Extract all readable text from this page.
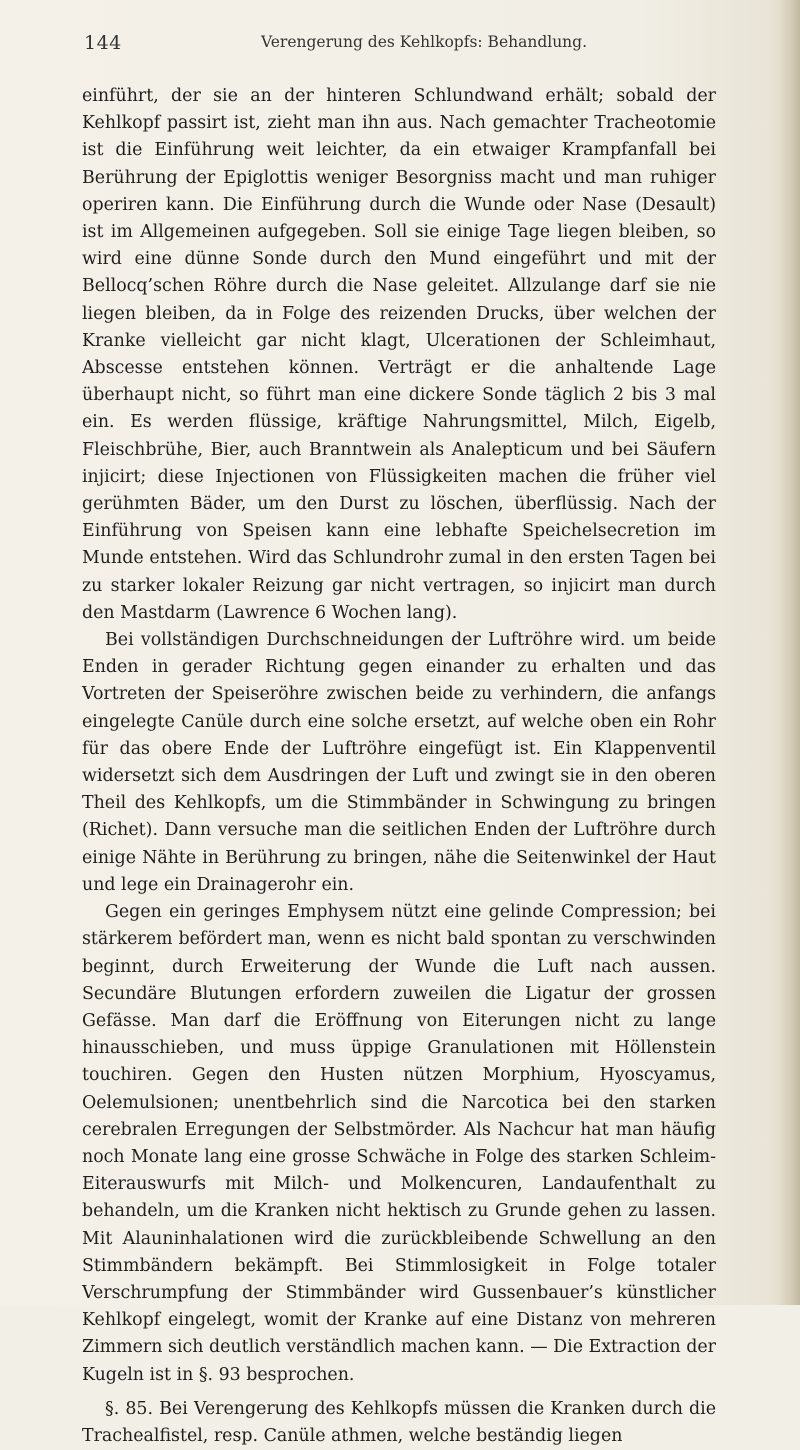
144	Verengerung des Kehlkopfs: Behandlung.

einführt, der sie an der hinteren Schlundwand erhält; sobald der Kehlkopf passirt ist, zieht man ihn aus. Nach gemachter Tracheotomie ist die Einführung weit leichter, da ein etwaiger Krampfanfall bei Berührung der Epiglottis weniger Besorgniss macht und man ruhiger operiren kann. Die Einführung durch die Wunde oder Nase (Desault) ist im Allgemeinen aufgegeben. Soll sie einige Tage liegen bleiben, so wird eine dünne Sonde durch den Mund eingeführt und mit der Bellocq’schen Röhre durch die Nase geleitet. Allzulange darf sie nie liegen bleiben, da in Folge des reizenden Drucks, über welchen der Kranke vielleicht gar nicht klagt, Ulcerationen der Schleimhaut, Abscesse entstehen können. Verträgt er die anhaltende Lage überhaupt nicht, so führt man eine dickere Sonde täglich 2 bis 3 mal ein. Es werden flüssige, kräftige Nahrungsmittel, Milch, Eigelb, Fleischbrühe, Bier, auch Branntwein als Analepticum und bei Säufern injicirt; diese Injectionen von Flüssigkeiten machen die früher viel gerühmten Bäder, um den Durst zu löschen, überflüssig. Nach der Einführung von Speisen kann eine lebhafte Speichelsecretion im Munde entstehen. Wird das Schlundrohr zumal in den ersten Tagen bei zu starker lokaler Reizung gar nicht vertragen, so injicirt man durch den Mastdarm (Lawrence 6 Wochen lang).

Bei vollständigen Durchschneidungen der Luftröhre wird. um beide Enden in gerader Richtung gegen einander zu erhalten und das Vortreten der Speiseröhre zwischen beide zu verhindern, die anfangs eingelegte Canüle durch eine solche ersetzt, auf welche oben ein Rohr für das obere Ende der Luftröhre eingefügt ist. Ein Klappenventil widersetzt sich dem Ausdringen der Luft und zwingt sie in den oberen Theil des Kehlkopfs, um die Stimmbänder in Schwingung zu bringen (Richet). Dann versuche man die seitlichen Enden der Luftröhre durch einige Nähte in Berührung zu bringen, nähe die Seitenwinkel der Haut und lege ein Drainagerohr ein.

Gegen ein geringes Emphysem nützt eine gelinde Compression; bei stärkerem befördert man, wenn es nicht bald spontan zu verschwinden beginnt, durch Erweiterung der Wunde die Luft nach aussen. Secundäre Blutungen erfordern zuweilen die Ligatur der grossen Gefässe. Man darf die Eröffnung von Eiterungen nicht zu lange hinausschieben, und muss üppige Granulationen mit Höllenstein touchiren. Gegen den Husten nützen Morphium, Hyoscyamus, Oelemulsionen; unentbehrlich sind die Narcotica bei den starken cerebralen Erregungen der Selbstmörder. Als Nachcur hat man häufig noch Monate lang eine grosse Schwäche in Folge des starken Schleim-Eiterauswurfs mit Milch- und Molkencuren, Landaufenthalt zu behandeln, um die Kranken nicht hektisch zu Grunde gehen zu lassen. Mit Alauninhalationen wird die zurückbleibende Schwellung an den Stimmbändern bekämpft. Bei Stimmlosigkeit in Folge totaler Verschrumpfung der Stimmbänder wird Gussenbauer’s künstlicher Kehlkopf eingelegt, womit der Kranke auf eine Distanz von mehreren Zimmern sich deutlich verständlich machen kann. — Die Extraction der Kugeln ist in §. 93 besprochen.

§. 85. Bei Verengerung des Kehlkopfs müssen die Kranken durch die Trachealfistel, resp. Canüle athmen, welche beständig liegen
